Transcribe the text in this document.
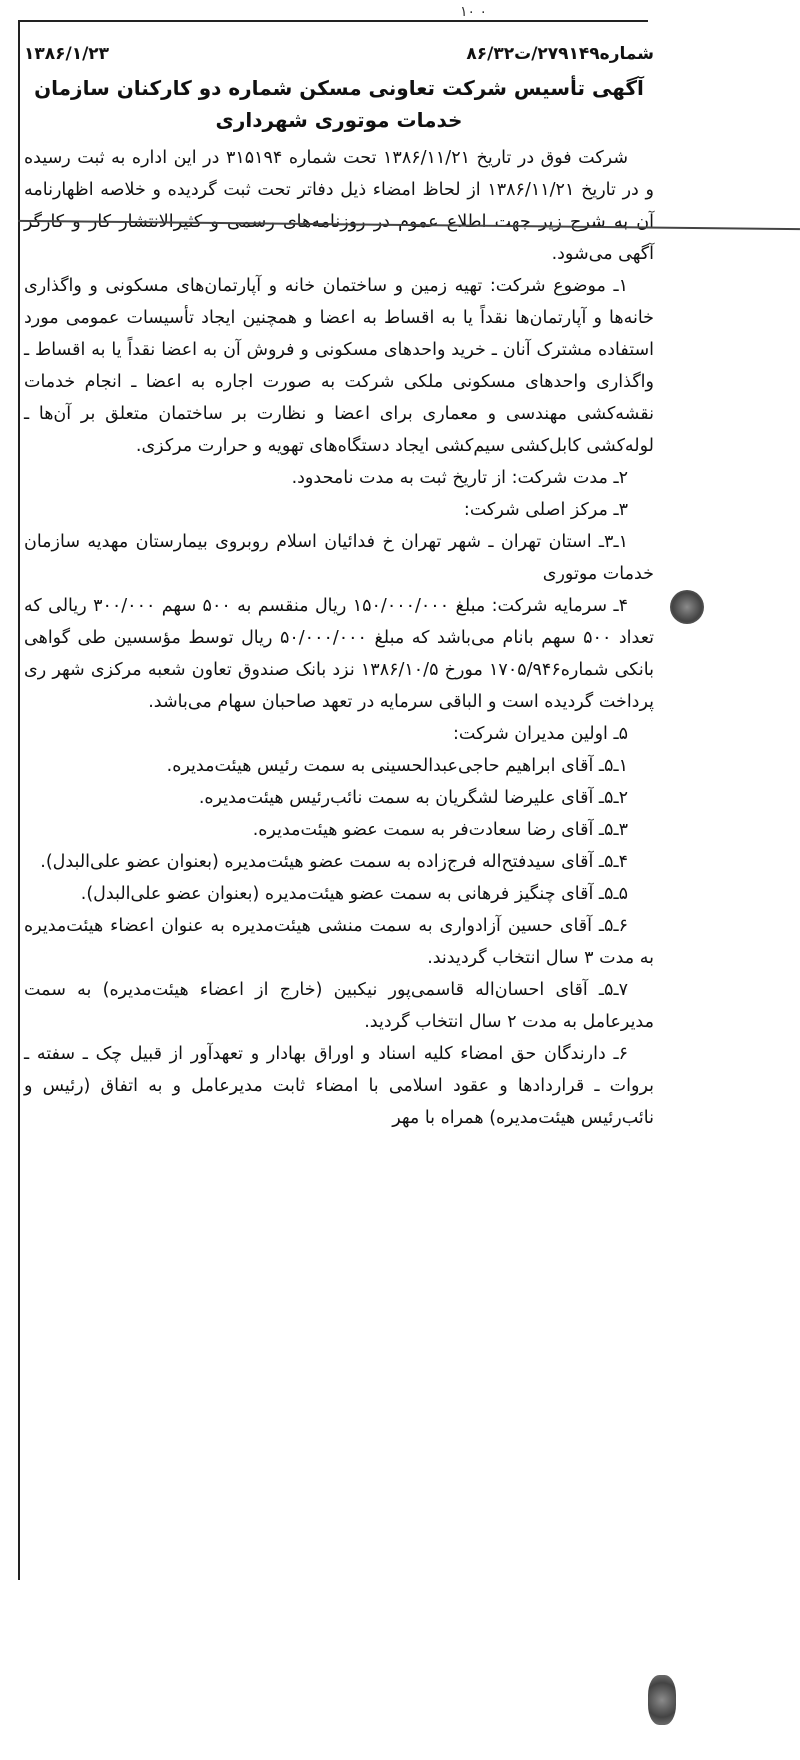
۱۰ ۰
شماره۲۷۹۱۴۹/ت۸۶/۳۲
۱۳۸۶/۱/۲۳
آگهی تأسیس شرکت تعاونی مسکن شماره دو کارکنان سازمان خدمات موتوری شهرداری

شرکت فوق در تاریخ ۱۳۸۶/۱۱/۲۱ تحت شماره ۳۱۵۱۹۴ در این اداره به ثبت رسیده و در تاریخ ۱۳۸۶/۱۱/۲۱ از لحاظ امضاء ذیل دفاتر تحت ثبت گردیده و خلاصه اظهارنامه آن به شرح زیر جهت اطلاع عموم در روزنامه‌های رسمی و کثیرالانتشار کار و کارگر آگهی می‌شود.

۱ـ موضوع شرکت: تهیه زمین و ساختمان خانه و آپارتمان‌های مسکونی و واگذاری خانه‌ها و آپارتمان‌ها نقداً یا به اقساط به اعضا و همچنین ایجاد تأسیسات عمومی مورد استفاده مشترک آنان ـ خرید واحدهای مسکونی و فروش آن به اعضا نقداً یا به اقساط ـ واگذاری واحدهای مسکونی ملکی شرکت به صورت اجاره به اعضا ـ انجام خدمات نقشه‌کشی مهندسی و معماری برای اعضا و نظارت بر ساختمان متعلق بر آن‌ها ـ لوله‌کشی کابل‌کشی سیم‌کشی ایجاد دستگاه‌های تهویه و حرارت مرکزی.

۲ـ مدت شرکت: از تاریخ ثبت به مدت نامحدود.

۳ـ مرکز اصلی شرکت:

۱ـ۳ـ استان تهران ـ شهر تهران خ فدائیان اسلام روبروی بیمارستان مهدیه سازمان خدمات موتوری

۴ـ سرمایه شرکت: مبلغ ۱۵۰/۰۰۰/۰۰۰ ریال منقسم به ۵۰۰ سهم ۳۰۰/۰۰۰ ریالی که تعداد ۵۰۰ سهم بانام می‌باشد که مبلغ ۵۰/۰۰۰/۰۰۰ ریال توسط مؤسسین طی گواهی بانکی شماره۱۷۰۵/۹۴۶ مورخ ۱۳۸۶/۱۰/۵ نزد بانک صندوق تعاون شعبه مرکزی شهر ری پرداخت گردیده است و الباقی سرمایه در تعهد صاحبان سهام می‌باشد.

۵ـ اولین مدیران شرکت:

۱ـ۵ـ آقای ابراهیم حاجی‌عبدالحسینی به سمت رئیس هیئت‌مدیره.

۲ـ۵ـ آقای علیرضا لشگریان به سمت نائب‌رئیس هیئت‌مدیره.

۳ـ۵ـ آقای رضا سعادت‌فر به سمت عضو هیئت‌مدیره.

۴ـ۵ـ آقای سیدفتح‌اله فرج‌زاده به سمت عضو هیئت‌مدیره (بعنوان عضو علی‌البدل).

۵ـ۵ـ آقای چنگیز فرهانی به سمت عضو هیئت‌مدیره (بعنوان عضو علی‌البدل).

۶ـ۵ـ آقای حسین آزادواری به سمت منشی هیئت‌مدیره به عنوان اعضاء هیئت‌مدیره به مدت ۳ سال انتخاب گردیدند.

۷ـ۵ـ آقای احسان‌اله قاسمی‌پور نیکبین (خارج از اعضاء هیئت‌مدیره) به سمت مدیرعامل به مدت ۲ سال انتخاب گردید.

۶ـ دارندگان حق امضاء کلیه اسناد و اوراق بهادار و تعهدآور از قبیل چک ـ سفته ـ بروات ـ قراردادها و عقود اسلامی با امضاء ثابت مدیرعامل و به اتفاق (رئیس و نائب‌رئیس هیئت‌مدیره) همراه با مهر
